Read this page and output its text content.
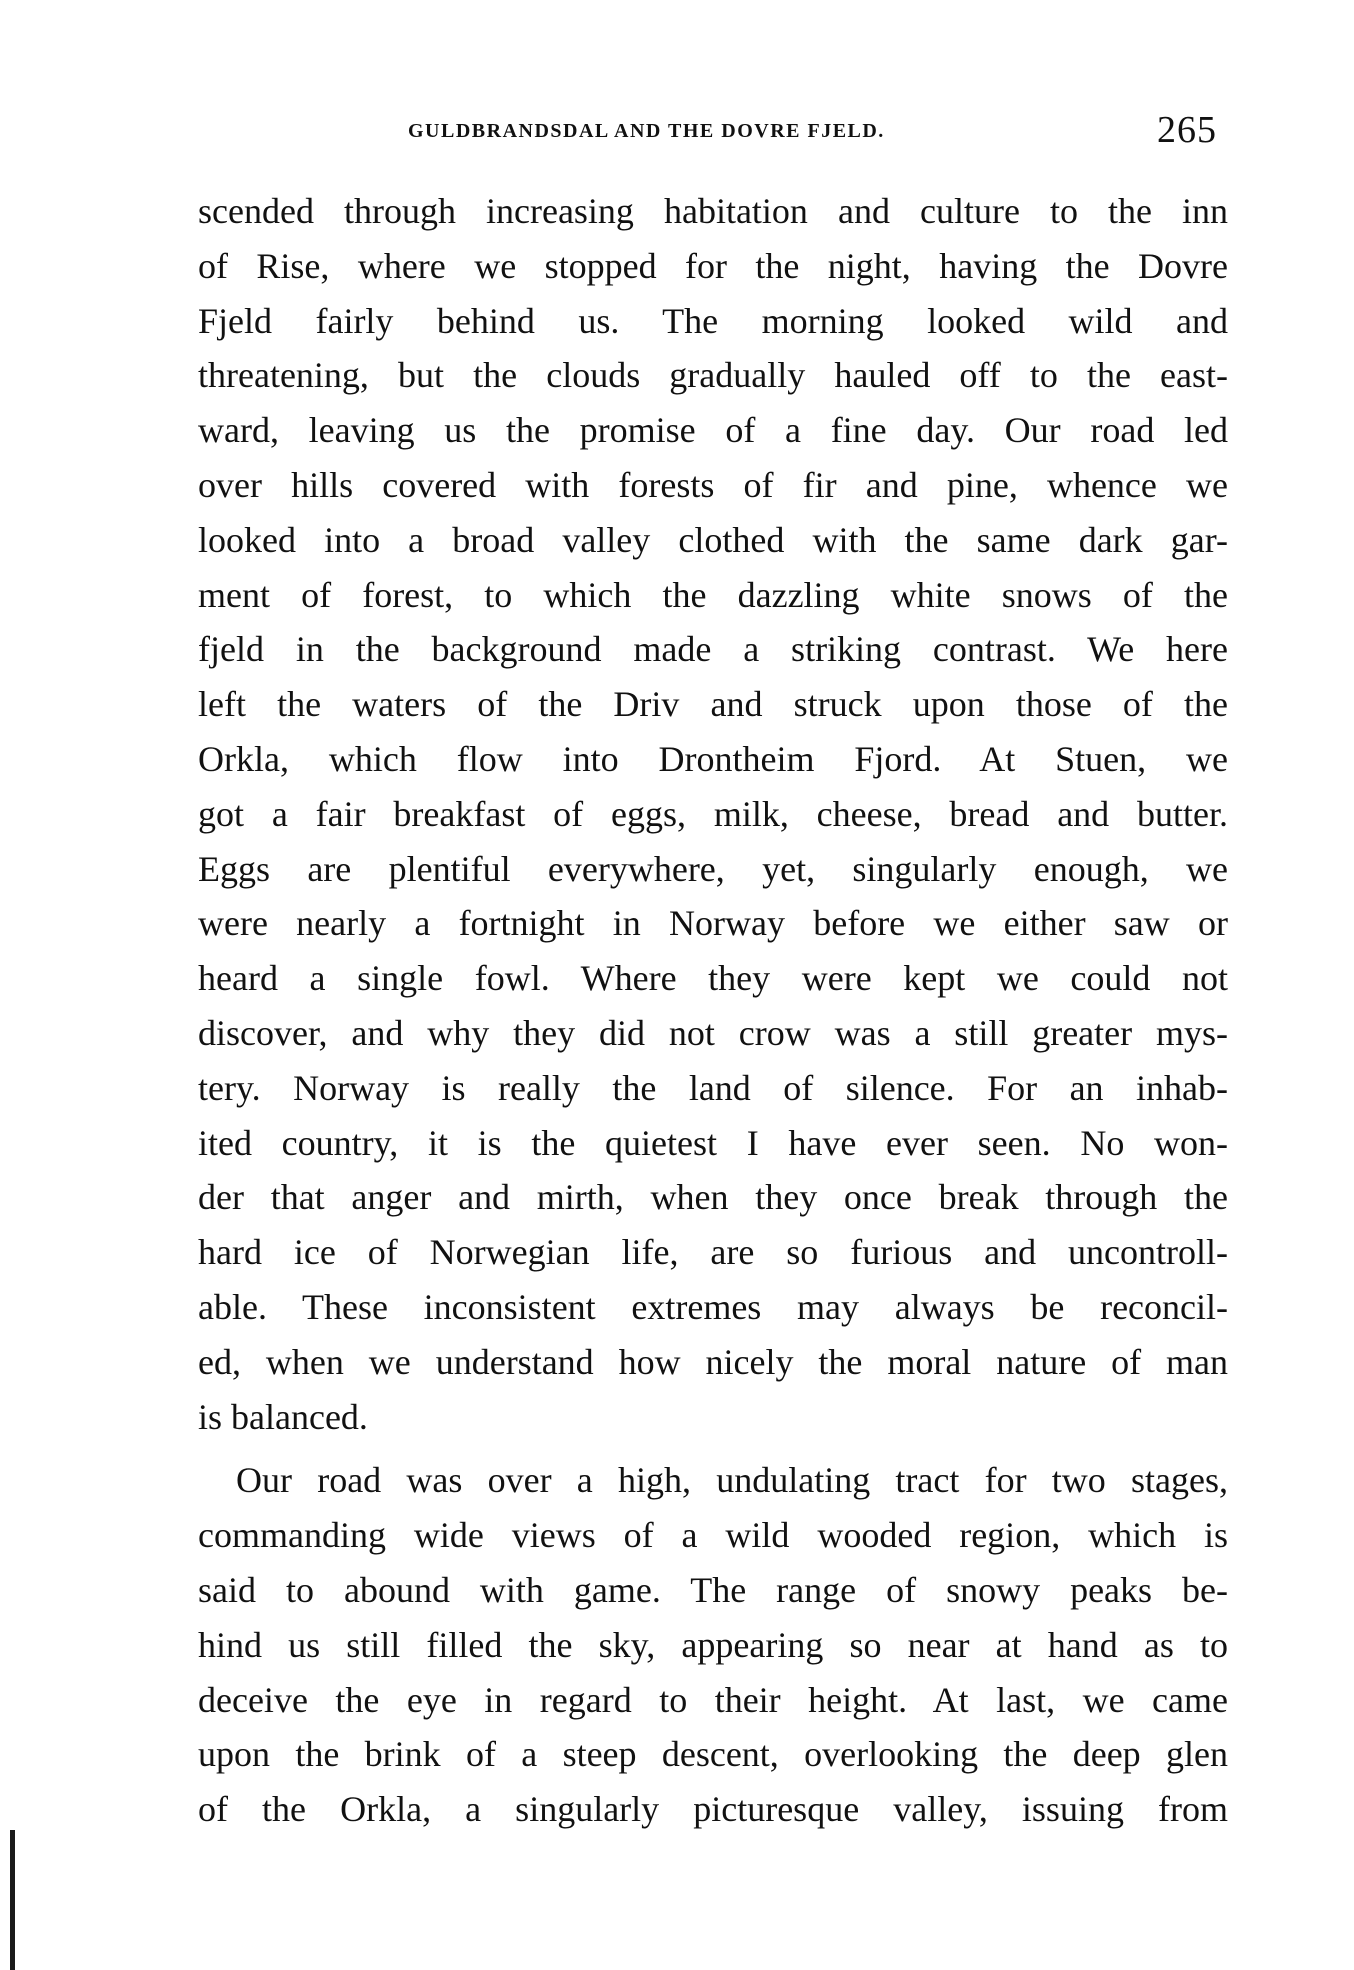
GULDBRANDSDAL AND THE DOVRE FJELD.	265
scended through increasing habitation and culture to the inn
of Rise, where we stopped for the night, having the Dovre
Fjeld fairly behind us. The morning looked wild and
threatening, but the clouds gradually hauled off to the east-
ward, leaving us the promise of a fine day. Our road led
over hills covered with forests of fir and pine, whence we
looked into a broad valley clothed with the same dark gar-
ment of forest, to which the dazzling white snows of the
fjeld in the background made a striking contrast. We here
left the waters of the Driv and struck upon those of the
Orkla, which flow into Drontheim Fjord. At Stuen, we
got a fair breakfast of eggs, milk, cheese, bread and butter.
Eggs are plentiful everywhere, yet, singularly enough, we
were nearly a fortnight in Norway before we either saw or
heard a single fowl. Where they were kept we could not
discover, and why they did not crow was a still greater mys-
tery. Norway is really the land of silence. For an inhab-
ited country, it is the quietest I have ever seen. No won-
der that anger and mirth, when they once break through the
hard ice of Norwegian life, are so furious and uncontroll-
able. These inconsistent extremes may always be reconcil-
ed, when we understand how nicely the moral nature of man
is balanced.
Our road was over a high, undulating tract for two stages,
commanding wide views of a wild wooded region, which is
said to abound with game. The range of snowy peaks be-
hind us still filled the sky, appearing so near at hand as to
deceive the eye in regard to their height. At last, we came
upon the brink of a steep descent, overlooking the deep glen
of the Orkla, a singularly picturesque valley, issuing from
